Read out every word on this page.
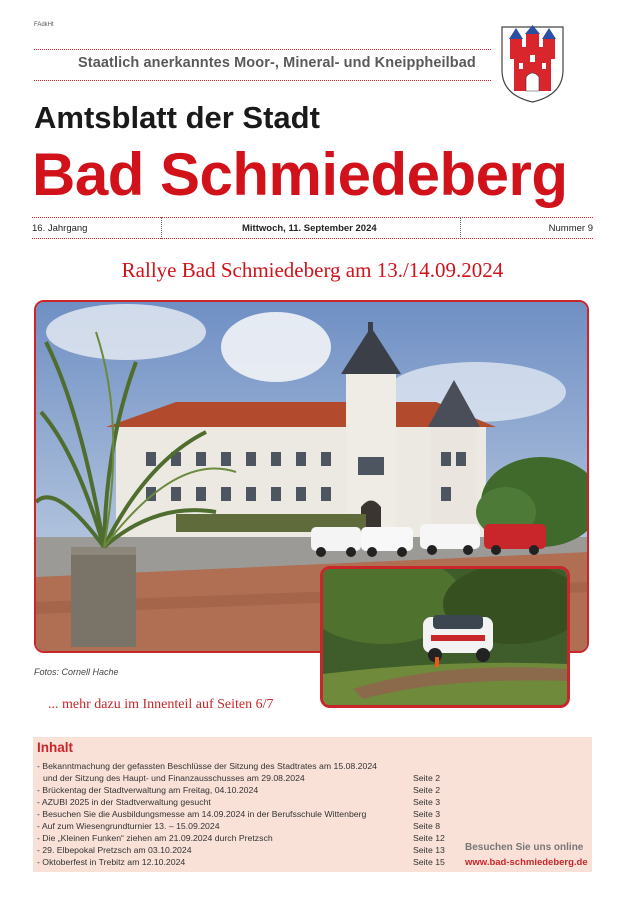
FAdkHt
Staatlich anerkanntes Moor-, Mineral- und Kneippheilbad
Amtsblatt der Stadt
Bad Schmiedeberg
16. Jahrgang	Mittwoch, 11. September 2024	Nummer 9
Rallye Bad Schmiedeberg am 13./14.09.2024
Fotos: Cornell Hache
... mehr dazu im Innenteil auf Seiten 6/7
Inhalt
- Bekanntmachung der gefassten Beschlüsse der Sitzung des Stadtrates am 15.08.2024
und der Sitzung des Haupt- und Finanzausschusses am 29.08.2024	Seite 2
- Brückentag der Stadtverwaltung am Freitag, 04.10.2024	Seite 2
- AZUBI 2025 in der Stadtverwaltung gesucht	Seite 3
- Besuchen Sie die Ausbildungsmesse am 14.09.2024 in der Berufsschule Wittenberg	Seite 3
- Auf zum Wiesengrundturnier 13. – 15.09.2024	Seite 8
- Die „Kleinen Funken“ ziehen am 21.09.2024 durch Pretzsch	Seite 12
- 29. Elbepokal Pretzsch am 03.10.2024	Seite 13
- Oktoberfest in Trebitz am 12.10.2024	Seite 15
Besuchen Sie uns online
www.bad-schmiedeberg.de
